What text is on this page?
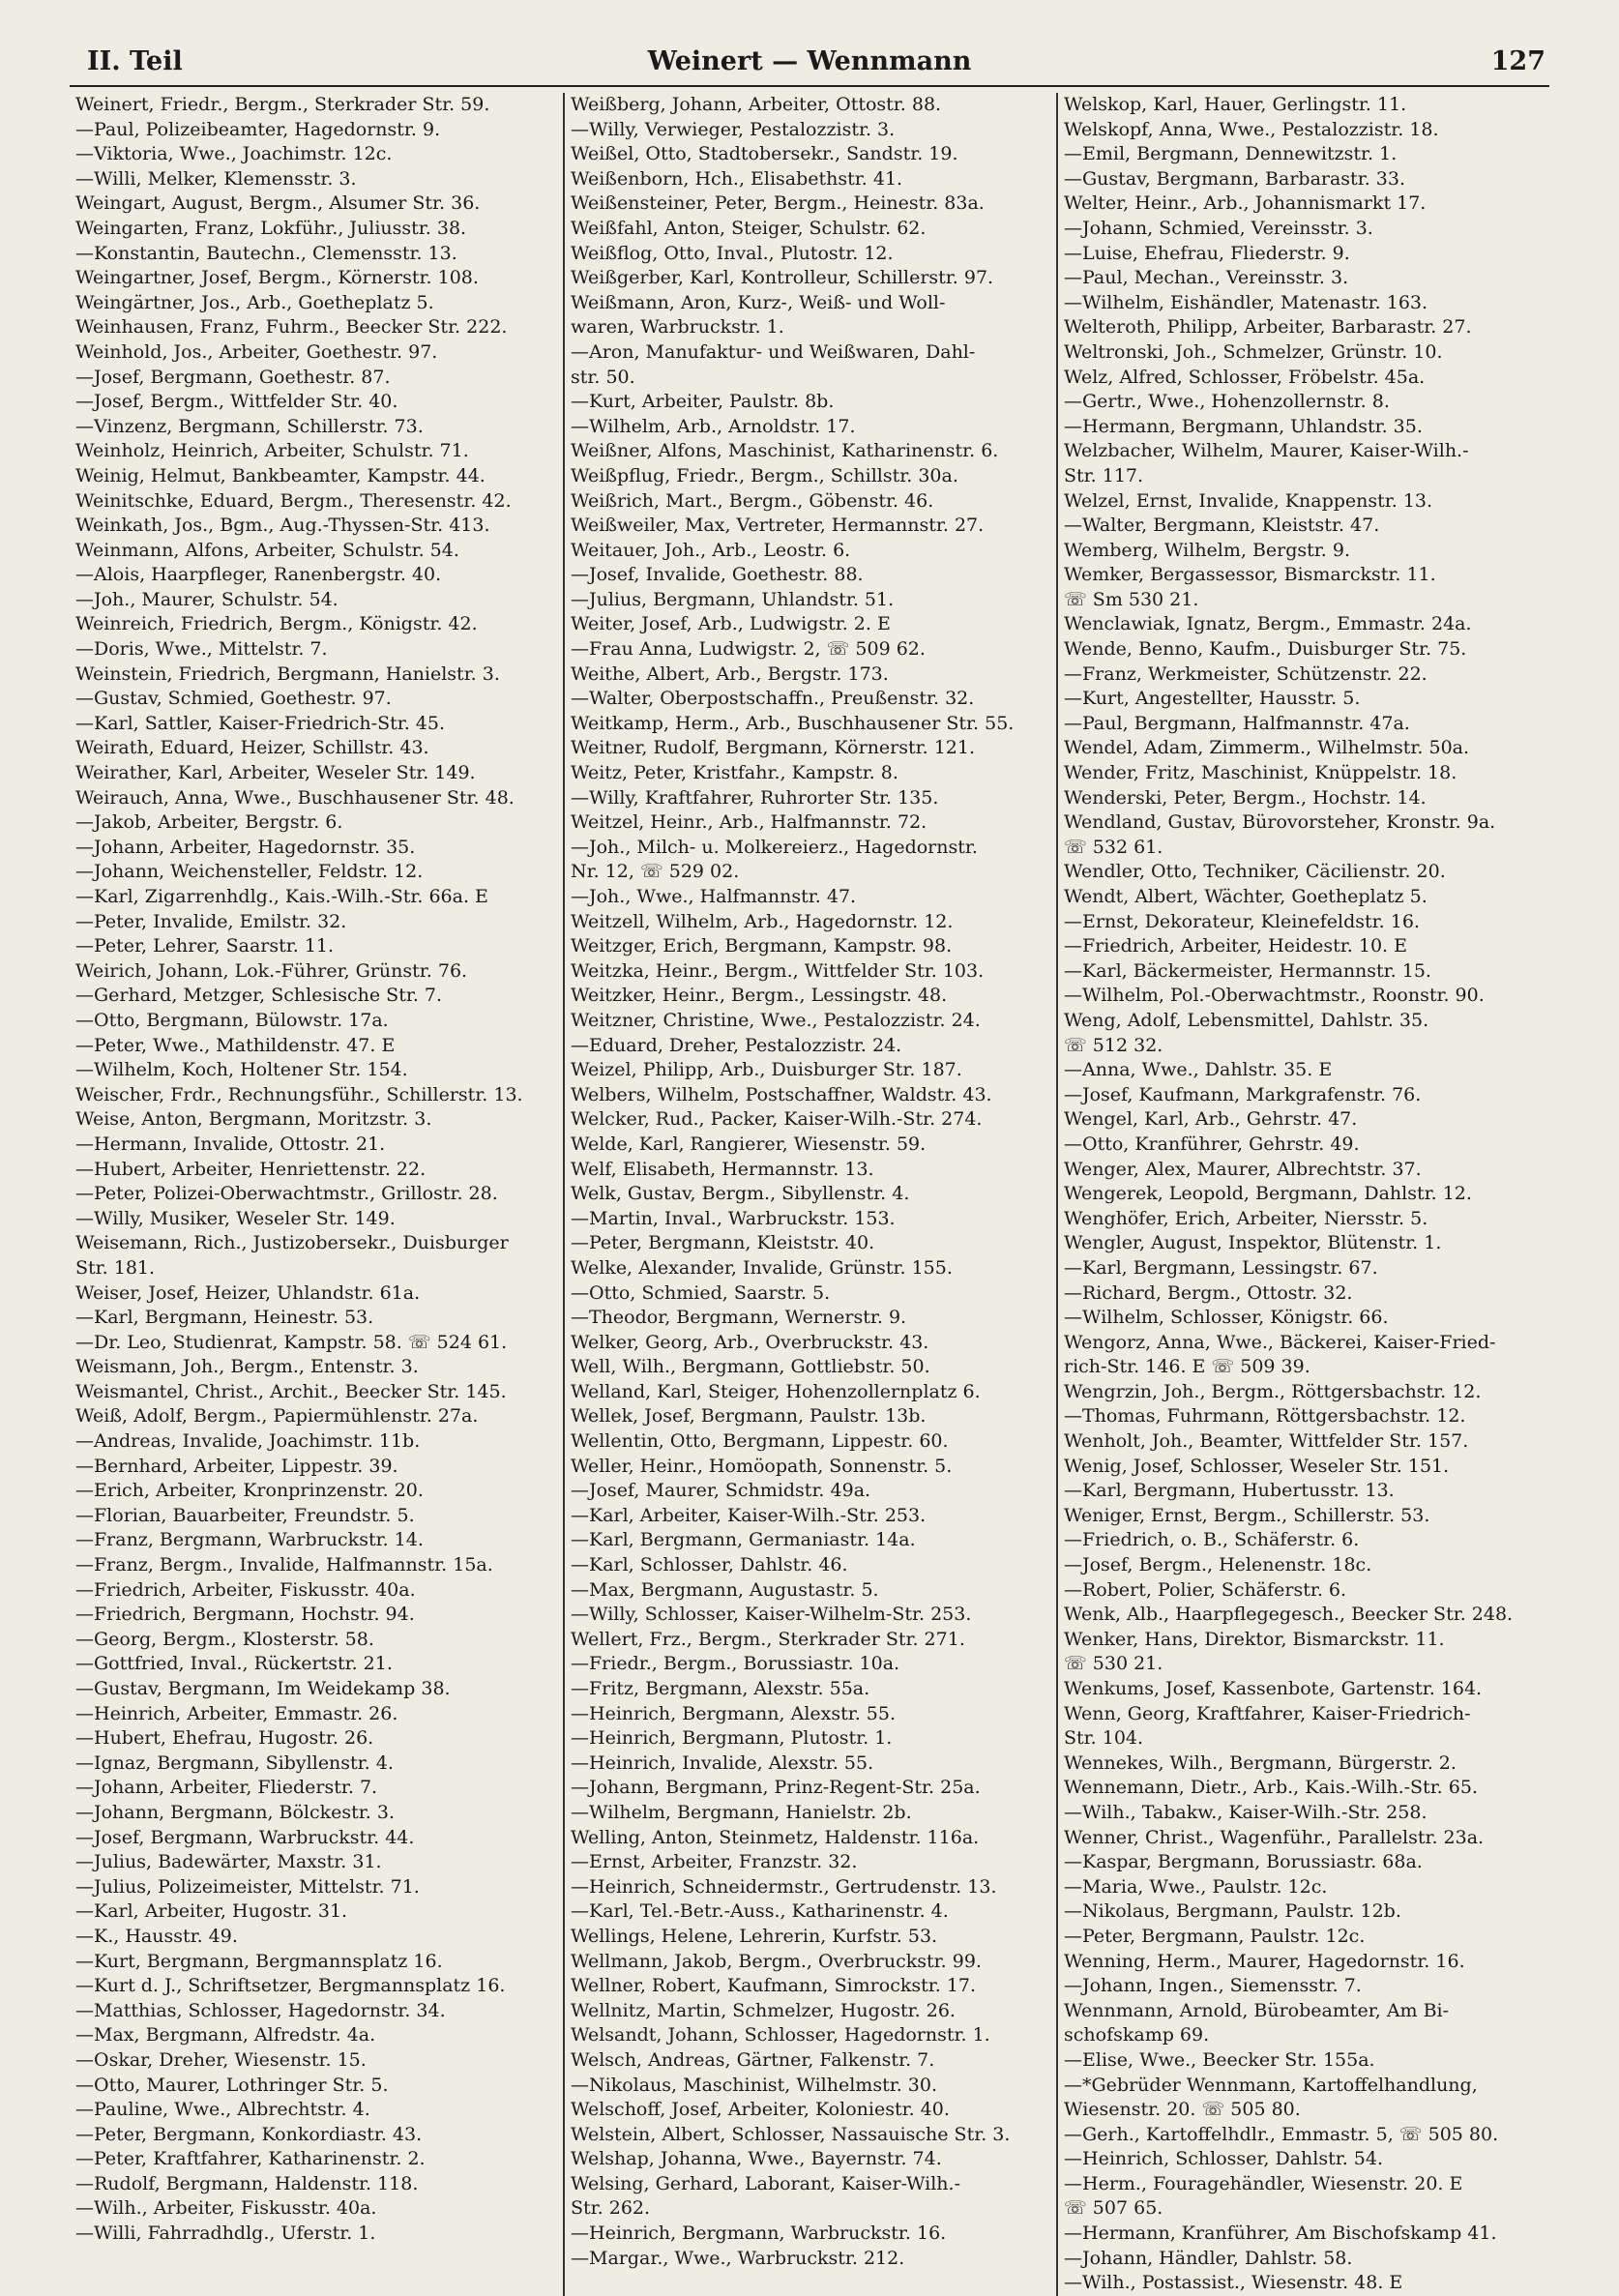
II. Teil	Weinert — Wennmann	127
Weinert, Friedr., Bergm., Sterkrader Str. 59.
—Paul, Polizeibeamter, Hagedornstr. 9.
—Viktoria, Wwe., Joachimstr. 12c.
—Willi, Melker, Klemensstr. 3.
Weingart, August, Bergm., Alsumer Str. 36.
Weingarten, Franz, Lokführ., Juliusstr. 38.
—Konstantin, Bautechn., Clemensstr. 13.
Weingartner, Josef, Bergm., Körnerstr. 108.
Weingärtner, Jos., Arb., Goetheplatz 5.
Weinhausen, Franz, Fuhrm., Beecker Str. 222.
Weinhold, Jos., Arbeiter, Goethestr. 97.
—Josef, Bergmann, Goethestr. 87.
—Josef, Bergm., Wittfelder Str. 40.
—Vinzenz, Bergmann, Schillerstr. 73.
Weinholz, Heinrich, Arbeiter, Schulstr. 71.
Weinig, Helmut, Bankbeamter, Kampstr. 44.
Weinitschke, Eduard, Bergm., Theresenstr. 42.
Weinkath, Jos., Bgm., Aug.-Thyssen-Str. 413.
Weinmann, Alfons, Arbeiter, Schulstr. 54.
—Alois, Haarpfleger, Ranenbergstr. 40.
—Joh., Maurer, Schulstr. 54.
Weinreich, Friedrich, Bergm., Königstr. 42.
—Doris, Wwe., Mittelstr. 7.
Weinstein, Friedrich, Bergmann, Hanielstr. 3.
—Gustav, Schmied, Goethestr. 97.
—Karl, Sattler, Kaiser-Friedrich-Str. 45.
Weirath, Eduard, Heizer, Schillstr. 43.
Weirather, Karl, Arbeiter, Weseler Str. 149.
Weirauch, Anna, Wwe., Buschhausener Str. 48.
—Jakob, Arbeiter, Bergstr. 6.
—Johann, Arbeiter, Hagedornstr. 35.
—Johann, Weichensteller, Feldstr. 12.
—Karl, Zigarrenhdlg., Kais.-Wilh.-Str. 66a. E
—Peter, Invalide, Emilstr. 32.
—Peter, Lehrer, Saarstr. 11.
Weirich, Johann, Lok.-Führer, Grünstr. 76.
—Gerhard, Metzger, Schlesische Str. 7.
—Otto, Bergmann, Bülowstr. 17a.
—Peter, Wwe., Mathildenstr. 47. E
—Wilhelm, Koch, Holtener Str. 154.
Weischer, Frdr., Rechnungsführ., Schillerstr. 13.
Weise, Anton, Bergmann, Moritzstr. 3.
—Hermann, Invalide, Ottostr. 21.
—Hubert, Arbeiter, Henriettenstr. 22.
—Peter, Polizei-Oberwachtmstr., Grillostr. 28.
—Willy, Musiker, Weseler Str. 149.
Weisemann, Rich., Justizobersekr., Duisburger
Str. 181.
Weiser, Josef, Heizer, Uhlandstr. 61a.
—Karl, Bergmann, Heinestr. 53.
—Dr. Leo, Studienrat, Kampstr. 58. ☏ 524 61.
Weismann, Joh., Bergm., Entenstr. 3.
Weismantel, Christ., Archit., Beecker Str. 145.
Weiß, Adolf, Bergm., Papiermühlenstr. 27a.
—Andreas, Invalide, Joachimstr. 11b.
—Bernhard, Arbeiter, Lippestr. 39.
—Erich, Arbeiter, Kronprinzenstr. 20.
—Florian, Bauarbeiter, Freundstr. 5.
—Franz, Bergmann, Warbruckstr. 14.
—Franz, Bergm., Invalide, Halfmannstr. 15a.
—Friedrich, Arbeiter, Fiskusstr. 40a.
—Friedrich, Bergmann, Hochstr. 94.
—Georg, Bergm., Klosterstr. 58.
—Gottfried, Inval., Rückertstr. 21.
—Gustav, Bergmann, Im Weidekamp 38.
—Heinrich, Arbeiter, Emmastr. 26.
—Hubert, Ehefrau, Hugostr. 26.
—Ignaz, Bergmann, Sibyllenstr. 4.
—Johann, Arbeiter, Fliederstr. 7.
—Johann, Bergmann, Bölckestr. 3.
—Josef, Bergmann, Warbruckstr. 44.
—Julius, Badewärter, Maxstr. 31.
—Julius, Polizeimeister, Mittelstr. 71.
—Karl, Arbeiter, Hugostr. 31.
—K., Hausstr. 49.
—Kurt, Bergmann, Bergmannsplatz 16.
—Kurt d. J., Schriftsetzer, Bergmannsplatz 16.
—Matthias, Schlosser, Hagedornstr. 34.
—Max, Bergmann, Alfredstr. 4a.
—Oskar, Dreher, Wiesenstr. 15.
—Otto, Maurer, Lothringer Str. 5.
—Pauline, Wwe., Albrechtstr. 4.
—Peter, Bergmann, Konkordiastr. 43.
—Peter, Kraftfahrer, Katharinenstr. 2.
—Rudolf, Bergmann, Haldenstr. 118.
—Wilh., Arbeiter, Fiskusstr. 40a.
—Willi, Fahrradhdlg., Uferstr. 1.
Weißberg, Johann, Arbeiter, Ottostr. 88.
—Willy, Verwieger, Pestalozzistr. 3.
Weißel, Otto, Stadtobersekr., Sandstr. 19.
Weißenborn, Hch., Elisabethstr. 41.
Weißensteiner, Peter, Bergm., Heinestr. 83a.
Weißfahl, Anton, Steiger, Schulstr. 62.
Weißflog, Otto, Inval., Plutostr. 12.
Weißgerber, Karl, Kontrolleur, Schillerstr. 97.
Weißmann, Aron, Kurz-, Weiß- und Woll-
waren, Warbruckstr. 1.
—Aron, Manufaktur- und Weißwaren, Dahl-
str. 50.
—Kurt, Arbeiter, Paulstr. 8b.
—Wilhelm, Arb., Arnoldstr. 17.
Weißner, Alfons, Maschinist, Katharinenstr. 6.
Weißpflug, Friedr., Bergm., Schillstr. 30a.
Weißrich, Mart., Bergm., Göbenstr. 46.
Weißweiler, Max, Vertreter, Hermannstr. 27.
Weitauer, Joh., Arb., Leostr. 6.
—Josef, Invalide, Goethestr. 88.
—Julius, Bergmann, Uhlandstr. 51.
Weiter, Josef, Arb., Ludwigstr. 2. E
—Frau Anna, Ludwigstr. 2, ☏ 509 62.
Weithe, Albert, Arb., Bergstr. 173.
—Walter, Oberpostschaffn., Preußenstr. 32.
Weitkamp, Herm., Arb., Buschhausener Str. 55.
Weitner, Rudolf, Bergmann, Körnerstr. 121.
Weitz, Peter, Kristfahr., Kampstr. 8.
—Willy, Kraftfahrer, Ruhrorter Str. 135.
Weitzel, Heinr., Arb., Halfmannstr. 72.
—Joh., Milch- u. Molkereierz., Hagedornstr.
Nr. 12, ☏ 529 02.
—Joh., Wwe., Halfmannstr. 47.
Weitzell, Wilhelm, Arb., Hagedornstr. 12.
Weitzger, Erich, Bergmann, Kampstr. 98.
Weitzka, Heinr., Bergm., Wittfelder Str. 103.
Weitzker, Heinr., Bergm., Lessingstr. 48.
Weitzner, Christine, Wwe., Pestalozzistr. 24.
—Eduard, Dreher, Pestalozzistr. 24.
Weizel, Philipp, Arb., Duisburger Str. 187.
Welbers, Wilhelm, Postschaffner, Waldstr. 43.
Welcker, Rud., Packer, Kaiser-Wilh.-Str. 274.
Welde, Karl, Rangierer, Wiesenstr. 59.
Welf, Elisabeth, Hermannstr. 13.
Welk, Gustav, Bergm., Sibyllenstr. 4.
—Martin, Inval., Warbruckstr. 153.
—Peter, Bergmann, Kleiststr. 40.
Welke, Alexander, Invalide, Grünstr. 155.
—Otto, Schmied, Saarstr. 5.
—Theodor, Bergmann, Wernerstr. 9.
Welker, Georg, Arb., Overbruckstr. 43.
Well, Wilh., Bergmann, Gottliebstr. 50.
Welland, Karl, Steiger, Hohenzollernplatz 6.
Wellek, Josef, Bergmann, Paulstr. 13b.
Wellentin, Otto, Bergmann, Lippestr. 60.
Weller, Heinr., Homöopath, Sonnenstr. 5.
—Josef, Maurer, Schmidstr. 49a.
—Karl, Arbeiter, Kaiser-Wilh.-Str. 253.
—Karl, Bergmann, Germaniastr. 14a.
—Karl, Schlosser, Dahlstr. 46.
—Max, Bergmann, Augustastr. 5.
—Willy, Schlosser, Kaiser-Wilhelm-Str. 253.
Wellert, Frz., Bergm., Sterkrader Str. 271.
—Friedr., Bergm., Borussiastr. 10a.
—Fritz, Bergmann, Alexstr. 55a.
—Heinrich, Bergmann, Alexstr. 55.
—Heinrich, Bergmann, Plutostr. 1.
—Heinrich, Invalide, Alexstr. 55.
—Johann, Bergmann, Prinz-Regent-Str. 25a.
—Wilhelm, Bergmann, Hanielstr. 2b.
Welling, Anton, Steinmetz, Haldenstr. 116a.
—Ernst, Arbeiter, Franzstr. 32.
—Heinrich, Schneidermstr., Gertrudenstr. 13.
—Karl, Tel.-Betr.-Auss., Katharinenstr. 4.
Wellings, Helene, Lehrerin, Kurfstr. 53.
Wellmann, Jakob, Bergm., Overbruckstr. 99.
Wellner, Robert, Kaufmann, Simrockstr. 17.
Wellnitz, Martin, Schmelzer, Hugostr. 26.
Welsandt, Johann, Schlosser, Hagedornstr. 1.
Welsch, Andreas, Gärtner, Falkenstr. 7.
—Nikolaus, Maschinist, Wilhelmstr. 30.
Welschoff, Josef, Arbeiter, Koloniestr. 40.
Welstein, Albert, Schlosser, Nassauische Str. 3.
Welshap, Johanna, Wwe., Bayernstr. 74.
Welsing, Gerhard, Laborant, Kaiser-Wilh.-
Str. 262.
—Heinrich, Bergmann, Warbruckstr. 16.
—Margar., Wwe., Warbruckstr. 212.
Welskop, Karl, Hauer, Gerlingstr. 11.
Welskopf, Anna, Wwe., Pestalozzistr. 18.
—Emil, Bergmann, Dennewitzstr. 1.
—Gustav, Bergmann, Barbarastr. 33.
Welter, Heinr., Arb., Johannismarkt 17.
—Johann, Schmied, Vereinsstr. 3.
—Luise, Ehefrau, Fliederstr. 9.
—Paul, Mechan., Vereinsstr. 3.
—Wilhelm, Eishändler, Matenastr. 163.
Welteroth, Philipp, Arbeiter, Barbarastr. 27.
Weltronski, Joh., Schmelzer, Grünstr. 10.
Welz, Alfred, Schlosser, Fröbelstr. 45a.
—Gertr., Wwe., Hohenzollernstr. 8.
—Hermann, Bergmann, Uhlandstr. 35.
Welzbacher, Wilhelm, Maurer, Kaiser-Wilh.-
Str. 117.
Welzel, Ernst, Invalide, Knappenstr. 13.
—Walter, Bergmann, Kleiststr. 47.
Wemberg, Wilhelm, Bergstr. 9.
Wemker, Bergassessor, Bismarckstr. 11.
☏ Sm 530 21.
Wenclawiak, Ignatz, Bergm., Emmastr. 24a.
Wende, Benno, Kaufm., Duisburger Str. 75.
—Franz, Werkmeister, Schützenstr. 22.
—Kurt, Angestellter, Hausstr. 5.
—Paul, Bergmann, Halfmannstr. 47a.
Wendel, Adam, Zimmerm., Wilhelmstr. 50a.
Wender, Fritz, Maschinist, Knüppelstr. 18.
Wenderski, Peter, Bergm., Hochstr. 14.
Wendland, Gustav, Bürovorsteher, Kronstr. 9a.
☏ 532 61.
Wendler, Otto, Techniker, Cäcilienstr. 20.
Wendt, Albert, Wächter, Goetheplatz 5.
—Ernst, Dekorateur, Kleinefeldstr. 16.
—Friedrich, Arbeiter, Heidestr. 10. E
—Karl, Bäckermeister, Hermannstr. 15.
—Wilhelm, Pol.-Oberwachtmstr., Roonstr. 90.
Weng, Adolf, Lebensmittel, Dahlstr. 35.
☏ 512 32.
—Anna, Wwe., Dahlstr. 35. E
—Josef, Kaufmann, Markgrafenstr. 76.
Wengel, Karl, Arb., Gehrstr. 47.
—Otto, Kranführer, Gehrstr. 49.
Wenger, Alex, Maurer, Albrechtstr. 37.
Wengerek, Leopold, Bergmann, Dahlstr. 12.
Wenghöfer, Erich, Arbeiter, Niersstr. 5.
Wengler, August, Inspektor, Blütenstr. 1.
—Karl, Bergmann, Lessingstr. 67.
—Richard, Bergm., Ottostr. 32.
—Wilhelm, Schlosser, Königstr. 66.
Wengorz, Anna, Wwe., Bäckerei, Kaiser-Fried-
rich-Str. 146. E ☏ 509 39.
Wengrzin, Joh., Bergm., Röttgersbachstr. 12.
—Thomas, Fuhrmann, Röttgersbachstr. 12.
Wenholt, Joh., Beamter, Wittfelder Str. 157.
Wenig, Josef, Schlosser, Weseler Str. 151.
—Karl, Bergmann, Hubertusstr. 13.
Weniger, Ernst, Bergm., Schillerstr. 53.
—Friedrich, o. B., Schäferstr. 6.
—Josef, Bergm., Helenenstr. 18c.
—Robert, Polier, Schäferstr. 6.
Wenk, Alb., Haarpflegegesch., Beecker Str. 248.
Wenker, Hans, Direktor, Bismarckstr. 11.
☏ 530 21.
Wenkums, Josef, Kassenbote, Gartenstr. 164.
Wenn, Georg, Kraftfahrer, Kaiser-Friedrich-
Str. 104.
Wennekes, Wilh., Bergmann, Bürgerstr. 2.
Wennemann, Dietr., Arb., Kais.-Wilh.-Str. 65.
—Wilh., Tabakw., Kaiser-Wilh.-Str. 258.
Wenner, Christ., Wagenführ., Parallelstr. 23a.
—Kaspar, Bergmann, Borussiastr. 68a.
—Maria, Wwe., Paulstr. 12c.
—Nikolaus, Bergmann, Paulstr. 12b.
—Peter, Bergmann, Paulstr. 12c.
Wenning, Herm., Maurer, Hagedornstr. 16.
—Johann, Ingen., Siemensstr. 7.
Wennmann, Arnold, Bürobeamter, Am Bi-
schofskamp 69.
—Elise, Wwe., Beecker Str. 155a.
—*Gebrüder Wennmann, Kartoffelhandlung,
Wiesenstr. 20. ☏ 505 80.
—Gerh., Kartoffelhdlr., Emmastr. 5, ☏ 505 80.
—Heinrich, Schlosser, Dahlstr. 54.
—Herm., Fouragehändler, Wiesenstr. 20. E
☏ 507 65.
—Hermann, Kranführer, Am Bischofskamp 41.
—Johann, Händler, Dahlstr. 58.
—Wilh., Postassist., Wiesenstr. 48. E
